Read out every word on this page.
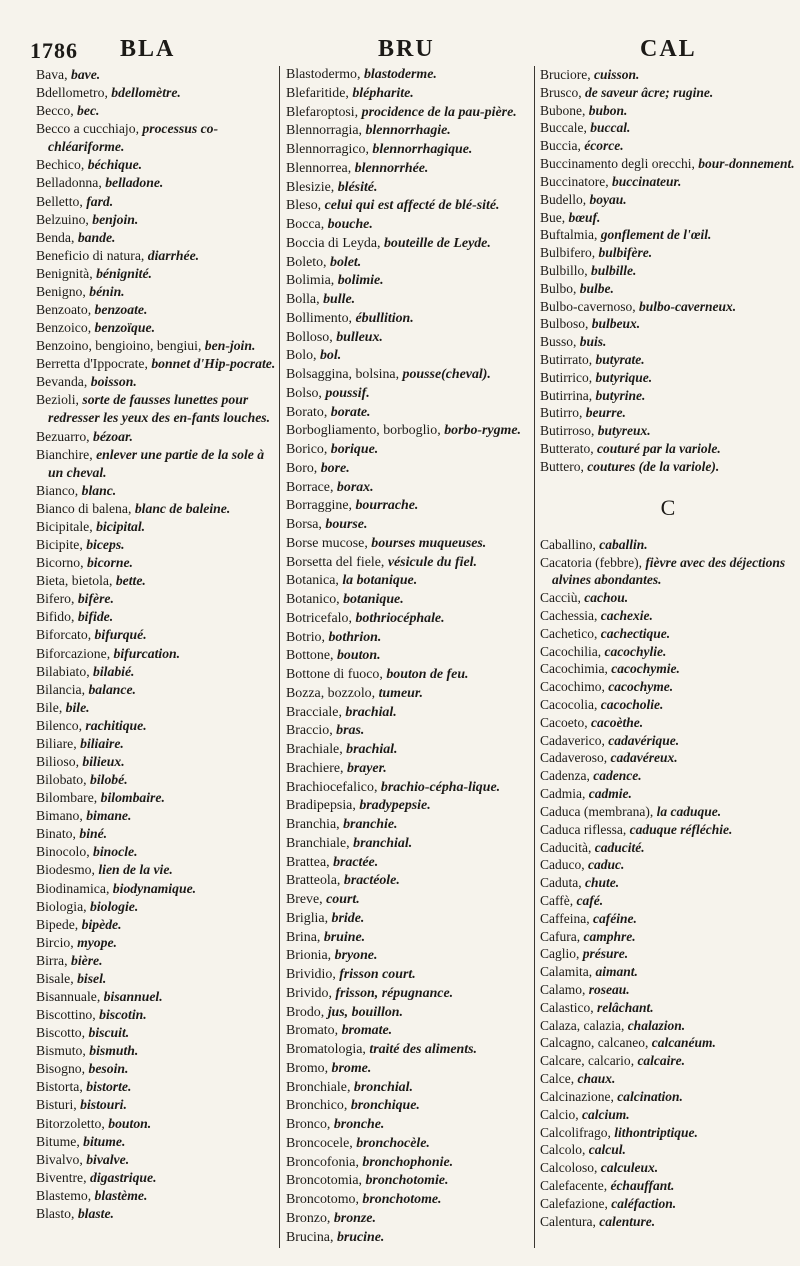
1786 BLA	BRU	CAL
Bava, bave.
Bdellometro, bdellomètre.
Becco, bec.
Becco a cucchiajo, processus co-chléariforme.
Bechico, béchique.
Belladonna, belladone.
Belletto, fard.
Belzuino, benjoin.
Benda, bande.
Beneficio di natura, diarrhée.
Benignità, bénignité.
Benigno, bénin.
Benzoato, benzoate.
Benzoico, benzoïque.
Benzoino, bengioino, bengiui, ben-join.
Berretta d'Ippocrate, bonnet d'Hip-pocrate.
Bevanda, boisson.
Bezioli, sorte de fausses lunettes pour redresser les yeux des en-fants louches.
Bezuarro, bézoar.
Bianchire, enlever une partie de la sole à un cheval.
Bianco, blanc.
Bianco di balena, blanc de baleine.
Bicipitale, bicipital.
Bicipite, biceps.
Bicorno, bicorne.
Bieta, bietola, bette.
Bifero, bifère.
Bifido, bifide.
Biforcato, bifurqué.
Biforcazione, bifurcation.
Bilabiato, bilabié.
Bilancia, balance.
Bile, bile.
Bilenco, rachitique.
Biliare, biliaire.
Bilioso, bilieux.
Bilobato, bilobé.
Bilombare, bilombaire.
Bimano, bimane.
Binato, biné.
Binocolo, binocle.
Biodesmo, lien de la vie.
Biodinamica, biodynamique.
Biologia, biologie.
Bipede, bipède.
Bircio, myope.
Birra, bière.
Bisale, bisel.
Bisannuale, bisannuel.
Biscottino, biscotin.
Biscotto, biscuit.
Bismuto, bismuth.
Bisogno, besoin.
Bistorta, bistorte.
Bisturi, bistouri.
Bitorzoletto, bouton.
Bitume, bitume.
Bivalvo, bivalve.
Biventre, digastrique.
Blastemo, blastème.
Blasto, blaste.
Blastodermo, blastoderme.
Blefaritide, blépharite.
Blefaroptosi, procidence de la pau-pière.
Blennorragia, blennorrhagie.
Blennorragico, blennorrhagique.
Blennorrea, blennorrhée.
Blesizie, blésité.
Bleso, celui qui est affecté de blé-sité.
Bocca, bouche.
Boccia di Leyda, bouteille de Leyde.
Boleto, bolet.
Bolimia, bolimie.
Bolla, bulle.
Bollimento, ébullition.
Bolloso, bulleux.
Bolo, bol.
Bolsaggina, bolsina, pousse(cheval).
Bolso, poussif.
Borato, borate.
Borbogliamento, borboglio, borbo-rygme.
Borico, borique.
Boro, bore.
Borrace, borax.
Borraggine, bourrache.
Borsa, bourse.
Borse mucose, bourses muqueuses.
Borsetta del fiele, vésicule du fiel.
Botanica, la botanique.
Botanico, botanique.
Botricefalo, bothriocéphale.
Botrio, bothrion.
Bottone, bouton.
Bottone di fuoco, bouton de feu.
Bozza, bozzolo, tumeur.
Bracciale, brachial.
Braccio, bras.
Brachiale, brachial.
Brachiere, brayer.
Brachiocefalico, brachio-cépha-lique.
Bradipepsia, bradypepsie.
Branchia, branchie.
Branchiale, branchial.
Brattea, bractée.
Bratteola, bractéole.
Breve, court.
Briglia, bride.
Brina, bruine.
Brionia, bryone.
Brividio, frisson court.
Brivido, frisson, répugnance.
Brodo, jus, bouillon.
Bromato, bromate.
Bromatologia, traité des aliments.
Bromo, brome.
Bronchiale, bronchial.
Bronchico, bronchique.
Bronco, bronche.
Broncocele, bronchocèle.
Broncofonia, bronchophonie.
Broncotomia, bronchotomie.
Broncotomo, bronchotome.
Bronzo, bronze.
Brucina, brucine.
Bruciore, cuisson.
Brusco, de saveur âcre; rugine.
Bubone, bubon.
Buccale, buccal.
Buccia, écorce.
Buccinamento degli orecchi, bour-donnement.
Buccinatore, buccinateur.
Budello, boyau.
Bue, bœuf.
Buftalmia, gonflement de l'œil.
Bulbifero, bulbifère.
Bulbillo, bulbille.
Bulbo, bulbe.
Bulbo-cavernoso, bulbo-caverneux.
Bulboso, bulbeux.
Busso, buis.
Butirrato, butyrate.
Butirrico, butyrique.
Butirrina, butyrine.
Butirro, beurre.
Butirroso, butyreux.
Butterato, couturé par la variole.
Buttero, coutures (de la variole).
C
Caballino, caballin.
Cacatoria (febbre), fièvre avec des déjections alvines abondantes.
Cacciù, cachou.
Cachessia, cachexie.
Cachetico, cachectique.
Cacochilia, cacochylie.
Cacochimia, cacochymie.
Cacochimo, cacochyme.
Cacocolia, cacocholie.
Cacoeto, cacoèthe.
Cadaverico, cadavérique.
Cadaveroso, cadavéreux.
Cadenza, cadence.
Cadmia, cadmie.
Caduca (membrana), la caduque.
Caduca riflessa, caduque réfléchie.
Caducità, caducité.
Caduco, caduc.
Caduta, chute.
Caffè, café.
Caffeina, caféine.
Cafura, camphre.
Caglio, présure.
Calamita, aimant.
Calamo, roseau.
Calastico, relâchant.
Calaza, calazia, chalazion.
Calcagno, calcaneo, calcanéum.
Calcare, calcario, calcaire.
Calce, chaux.
Calcinazione, calcination.
Calcio, calcium.
Calcolifrago, lithontriptique.
Calcolo, calcul.
Calcoloso, calculeux.
Calefacente, échauffant.
Calefazione, caléfaction.
Calentura, calenture.
